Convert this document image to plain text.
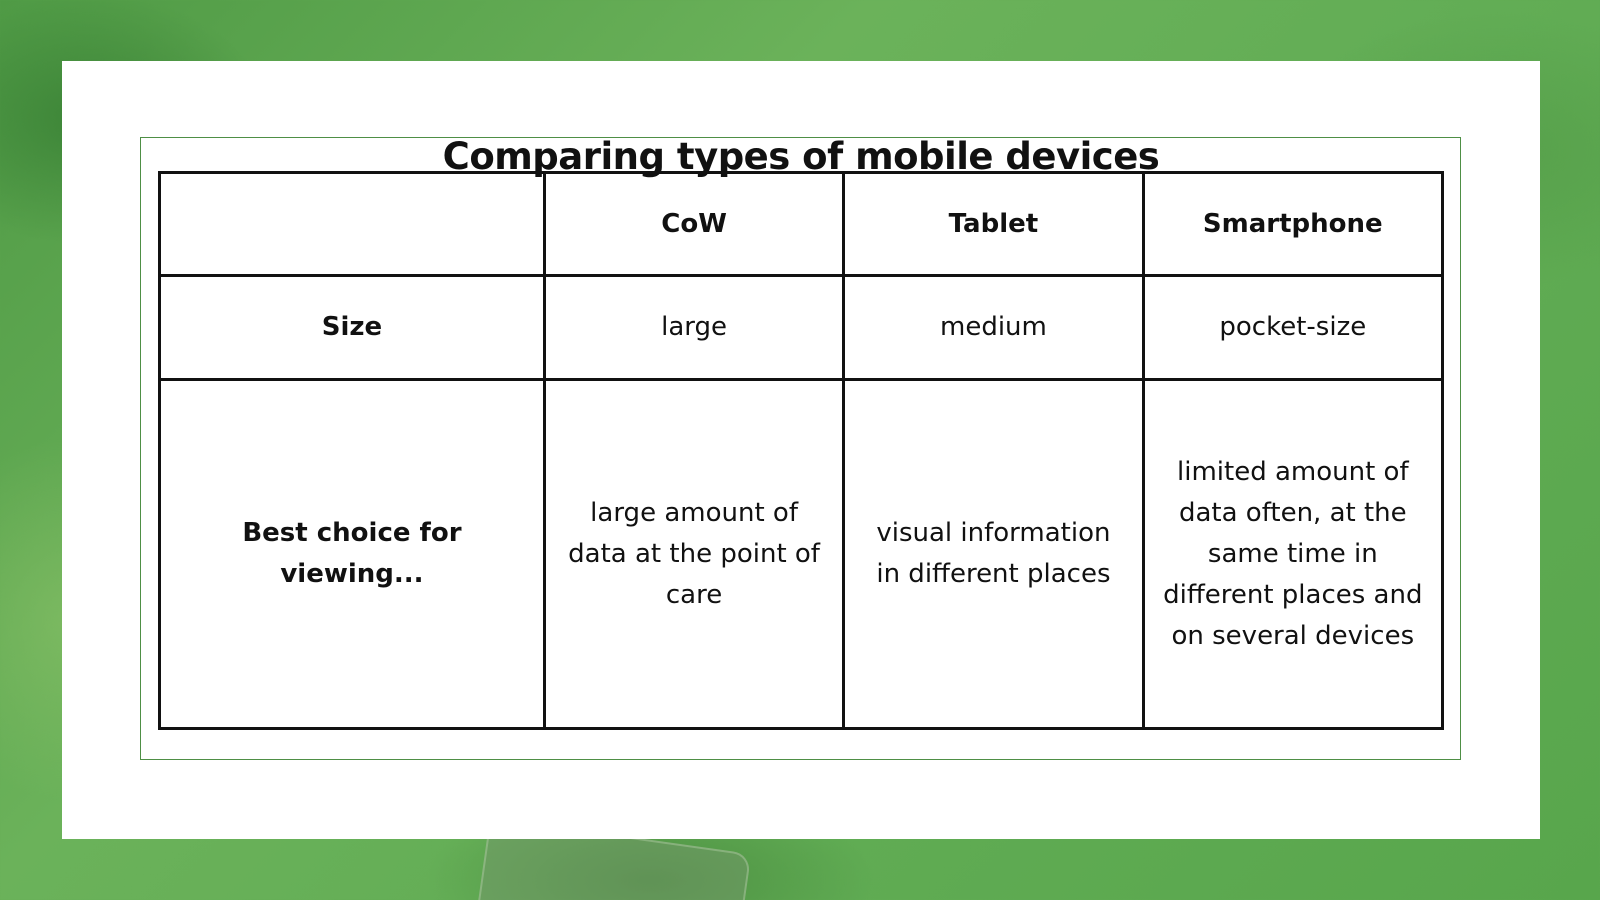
Comparing types of mobile devices
	CoW	Tablet	Smartphone
Size	large	medium	pocket-size
Best choice for viewing...	large amount of data at the point of care	visual information in different places	limited amount of data often, at the same time in different places and on several devices
